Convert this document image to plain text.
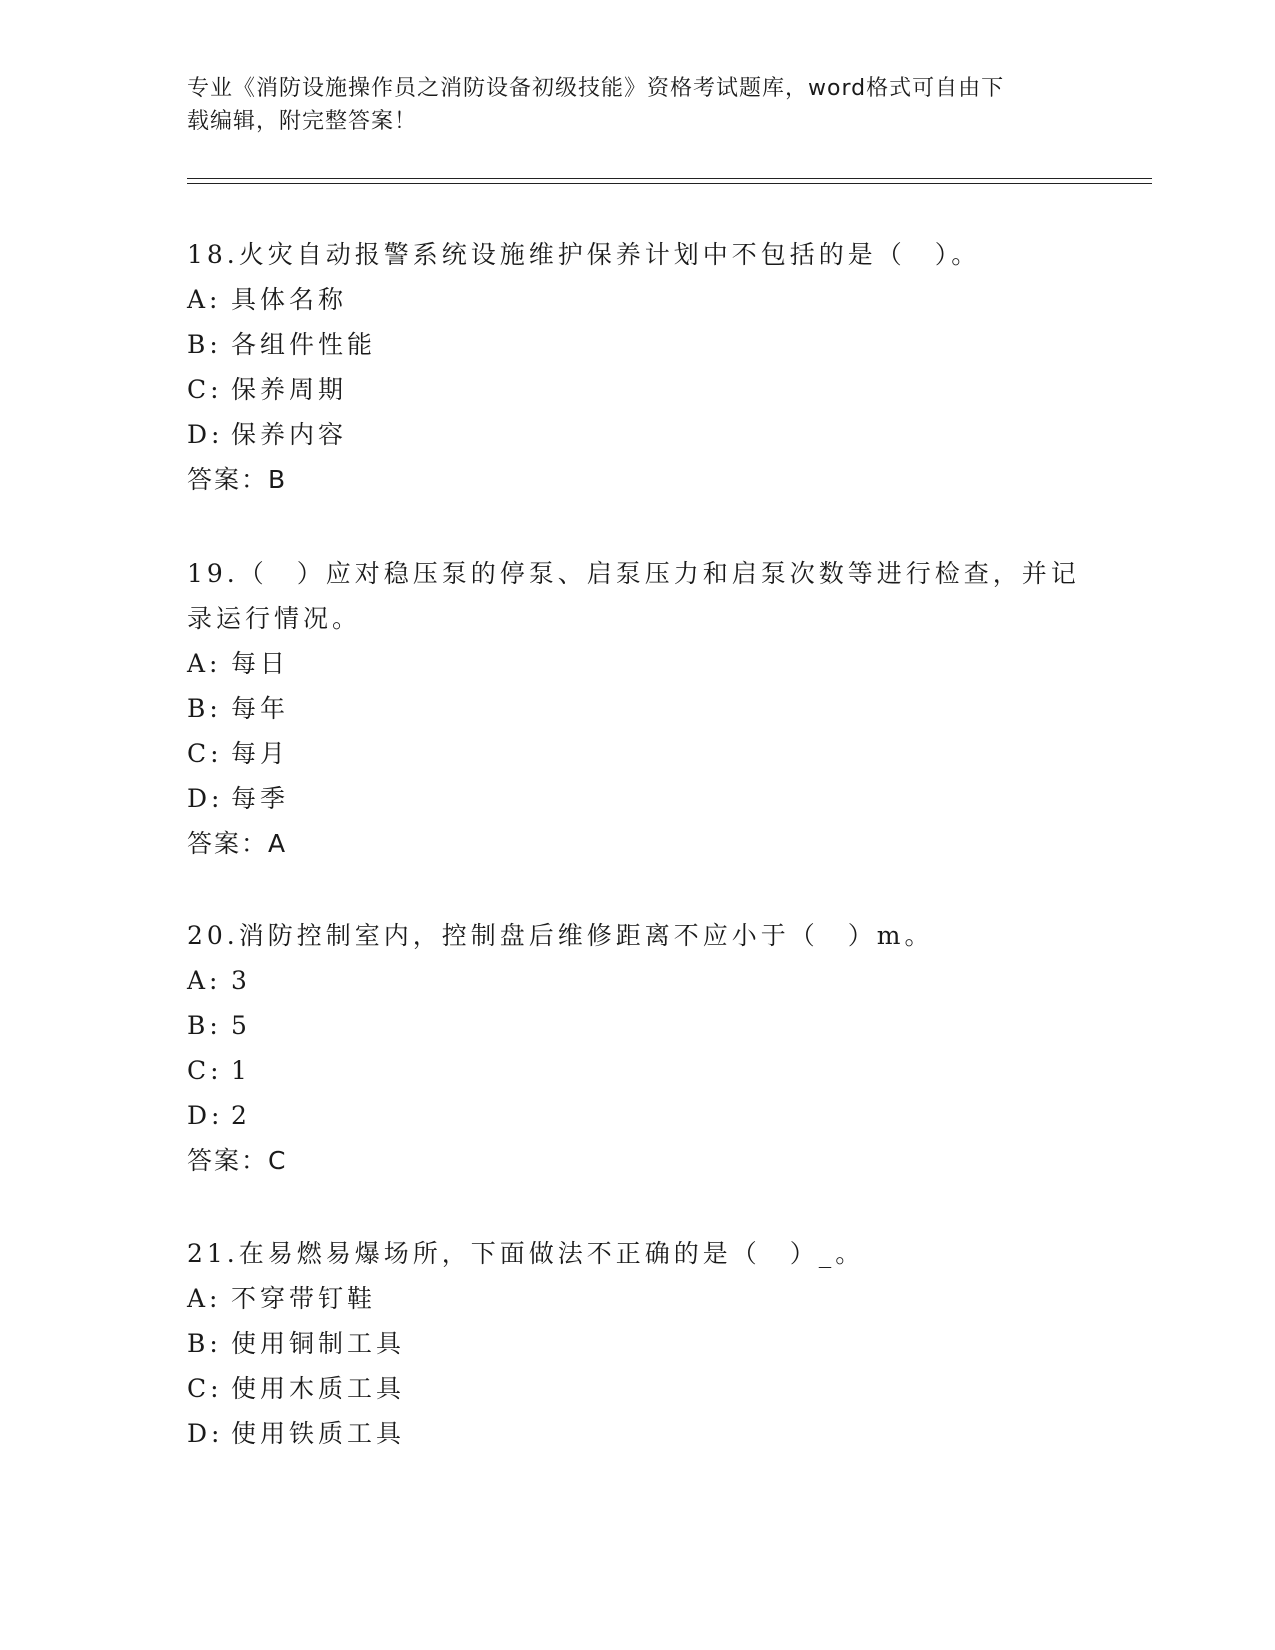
专业《消防设施操作员之消防设备初级技能》资格考试题库，word格式可自由下
载编辑，附完整答案！
18.火灾自动报警系统设施维护保养计划中不包括的是（　）。
A: 具体名称
B: 各组件性能
C: 保养周期
D: 保养内容
答案：B
19.（　）应对稳压泵的停泵、启泵压力和启泵次数等进行检查，并记
录运行情况。
A: 每日
B: 每年
C: 每月
D: 每季
答案：A
20.消防控制室内，控制盘后维修距离不应小于（　）m。
A: 3
B: 5
C: 1
D: 2
答案：C
21.在易燃易爆场所，下面做法不正确的是（　）_。
A: 不穿带钉鞋
B: 使用铜制工具
C: 使用木质工具
D: 使用铁质工具
